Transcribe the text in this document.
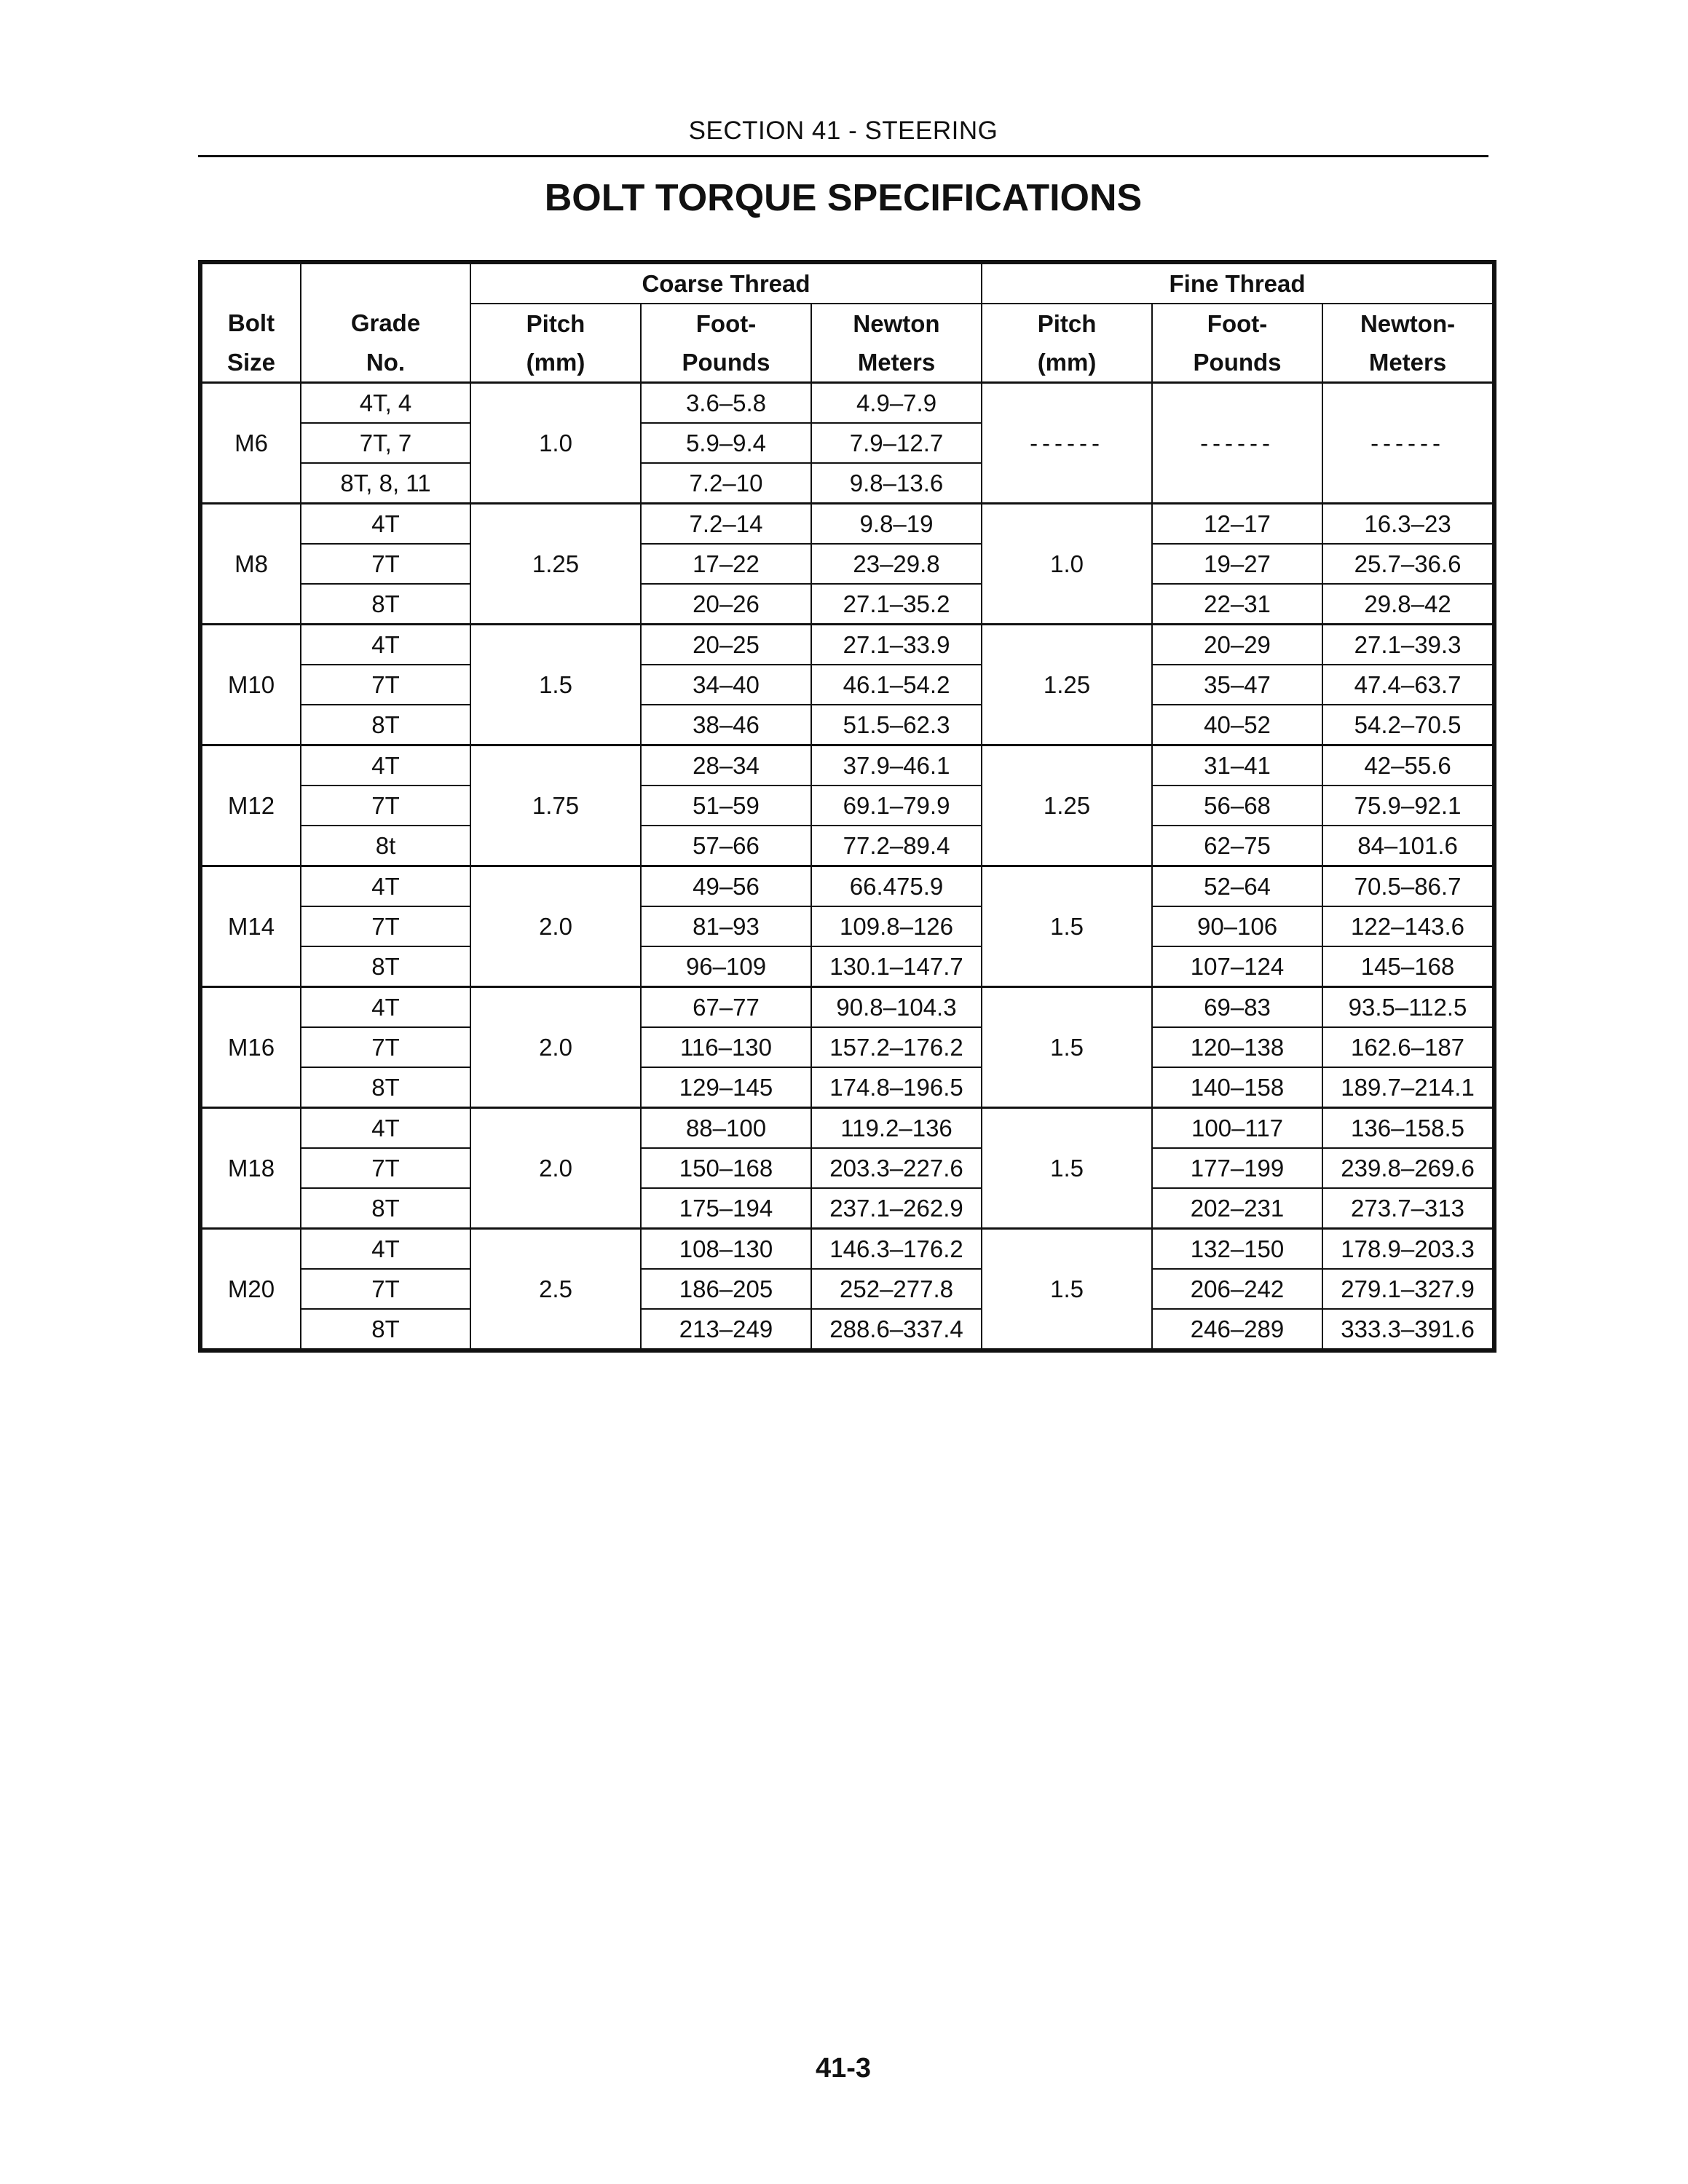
SECTION 41 - STEERING
BOLT TORQUE SPECIFICATIONS
		Coarse Thread			Fine Thread		
Bolt	Grade	Pitch	Foot-	Newton	Pitch	Foot-	Newton-
Size	No.	(mm)	Pounds	Meters	(mm)	Pounds	Meters
M6	4T, 4	1.0	3.6–5.8	4.9–7.9	------	------	------
	7T, 7		5.9–9.4	7.9–12.7			
	8T, 8, 11		7.2–10	9.8–13.6			
M8	4T	1.25	7.2–14	9.8–19	1.0	12–17	16.3–23
	7T		17–22	23–29.8		19–27	25.7–36.6
	8T		20–26	27.1–35.2		22–31	29.8–42
M10	4T	1.5	20–25	27.1–33.9	1.25	20–29	27.1–39.3
	7T		34–40	46.1–54.2		35–47	47.4–63.7
	8T		38–46	51.5–62.3		40–52	54.2–70.5
M12	4T	1.75	28–34	37.9–46.1	1.25	31–41	42–55.6
	7T		51–59	69.1–79.9		56–68	75.9–92.1
	8t		57–66	77.2–89.4		62–75	84–101.6
M14	4T	2.0	49–56	66.475.9	1.5	52–64	70.5–86.7
	7T		81–93	109.8–126		90–106	122–143.6
	8T		96–109	130.1–147.7		107–124	145–168
M16	4T	2.0	67–77	90.8–104.3	1.5	69–83	93.5–112.5
	7T		116–130	157.2–176.2		120–138	162.6–187
	8T		129–145	174.8–196.5		140–158	189.7–214.1
M18	4T	2.0	88–100	119.2–136	1.5	100–117	136–158.5
	7T		150–168	203.3–227.6		177–199	239.8–269.6
	8T		175–194	237.1–262.9		202–231	273.7–313
M20	4T	2.5	108–130	146.3–176.2	1.5	132–150	178.9–203.3
	7T		186–205	252–277.8		206–242	279.1–327.9
	8T		213–249	288.6–337.4		246–289	333.3–391.6
41-3
